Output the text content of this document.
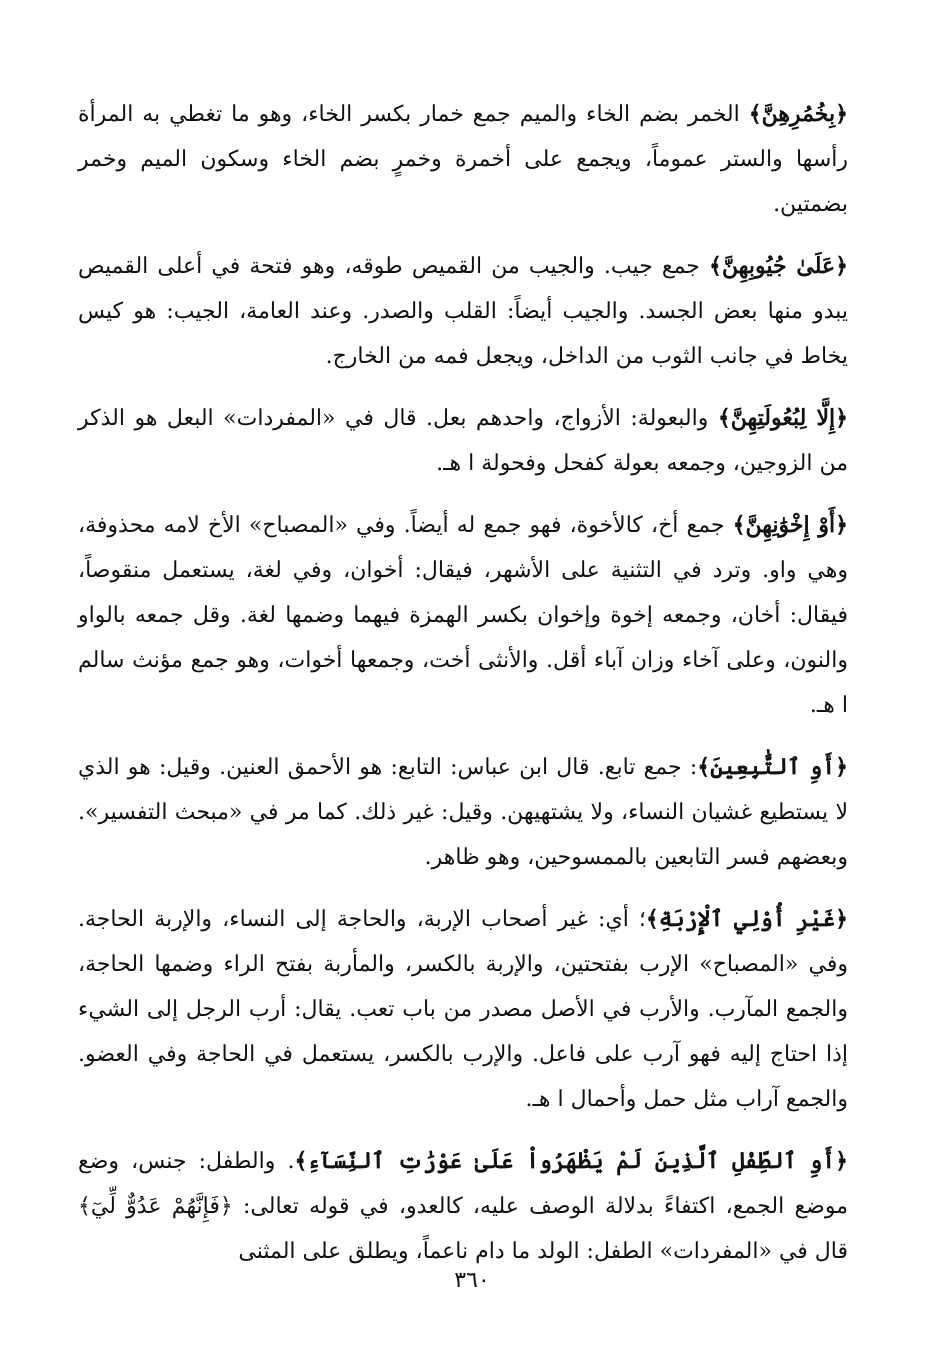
﴿بِخُمُرِهِنَّ﴾ الخمر بضم الخاء والميم جمع خمار بكسر الخاء، وهو ما تغطي به المرأة رأسها والستر عموماً، ويجمع على أخمرة وخمرٍ بضم الخاء وسكون الميم وخمر بضمتين.

﴿عَلَىٰ جُيُوبِهِنَّ﴾ جمع جيب. والجيب من القميص طوقه، وهو فتحة في أعلى القميص يبدو منها بعض الجسد. والجيب أيضاً: القلب والصدر. وعند العامة، الجيب: هو كيس يخاط في جانب الثوب من الداخل، ويجعل فمه من الخارج.

﴿إِلَّا لِبُعُولَتِهِنَّ﴾ والبعولة: الأزواج، واحدهم بعل. قال في «المفردات» البعل هو الذكر من الزوجين، وجمعه بعولة كفحل وفحولة ا هـ.

﴿أَوْ إِخْوَٰنِهِنَّ﴾ جمع أخ، كالأخوة، فهو جمع له أيضاً. وفي «المصباح» الأخ لامه محذوفة، وهي واو. وترد في التثنية على الأشهر، فيقال: أخوان، وفي لغة، يستعمل منقوصاً، فيقال: أخان، وجمعه إخوة وإخوان بكسر الهمزة فيهما وضمها لغة. وقل جمعه بالواو والنون، وعلى آخاء وزان آباء أقل. والأنثى أخت، وجمعها أخوات، وهو جمع مؤنث سالم ا هـ.

﴿أَوِ ٱلتَّٰبِعِينَ﴾: جمع تابع. قال ابن عباس: التابع: هو الأحمق العنين. وقيل: هو الذي لا يستطيع غشيان النساء، ولا يشتهيهن. وقيل: غير ذلك. كما مر في «مبحث التفسير». وبعضهم فسر التابعين بالممسوحين، وهو ظاهر.

﴿غَيْرِ أُوْلِي ٱلْإِرْبَةِ﴾؛ أي: غير أصحاب الإربة، والحاجة إلى النساء، والإربة الحاجة. وفي «المصباح» الإرب بفتحتين، والإربة بالكسر، والمأربة بفتح الراء وضمها الحاجة، والجمع المآرب. والأرب في الأصل مصدر من باب تعب. يقال: أرب الرجل إلى الشيء إذا احتاج إليه فهو آرب على فاعل. والإرب بالكسر، يستعمل في الحاجة وفي العضو. والجمع آراب مثل حمل وأحمال ا هـ.

﴿أَوِ ٱلطِّفْلِ ٱلَّذِينَ لَمْ يَظْهَرُواْ عَلَىٰ عَوْرَٰتِ ٱلنِّسَآءِ﴾. والطفل: جنس، وضع موضع الجمع، اكتفاءً بدلالة الوصف عليه، كالعدو، في قوله تعالى: ﴿فَإِنَّهُمْ عَدُوٌّ لِّيٓ﴾ قال في «المفردات» الطفل: الولد ما دام ناعماً، ويطلق على المثنى

٣٦٠
